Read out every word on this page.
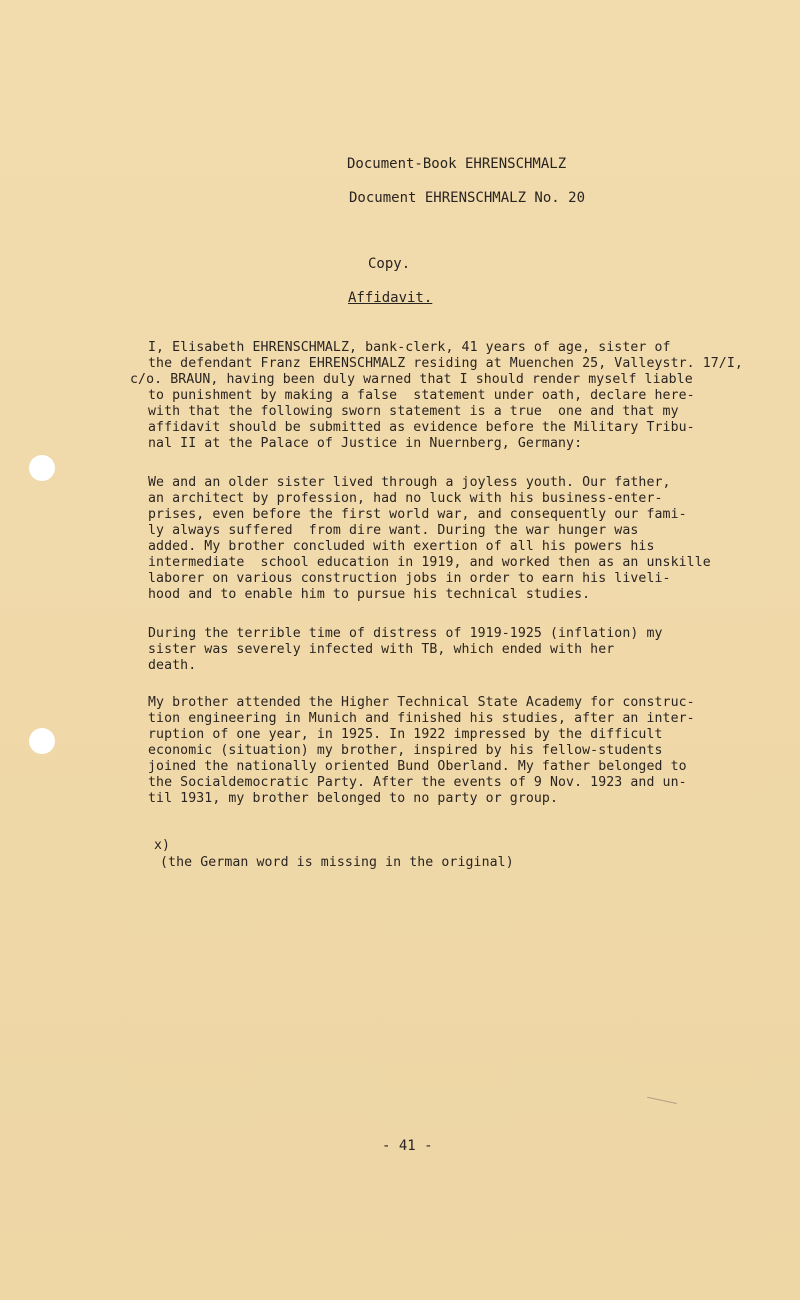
Document-Book EHRENSCHMALZ
Document EHRENSCHMALZ No. 20
Copy.
Affidavit.
I, Elisabeth EHRENSCHMALZ, bank-clerk, 41 years of age, sister of
the defendant Franz EHRENSCHMALZ residing at Muenchen 25, Valleystr. 17/I,
c/o. BRAUN, having been duly warned that I should render myself liable
to punishment by making a false  statement under oath, declare here-
with that the following sworn statement is a true  one and that my
affidavit should be submitted as evidence before the Military Tribu-
nal II at the Palace of Justice in Nuernberg, Germany:
We and an older sister lived through a joyless youth. Our father,
an architect by profession, had no luck with his business-enter-
prises, even before the first world war, and consequently our fami-
ly always suffered  from dire want. During the war hunger was
added. My brother concluded with exertion of all his powers his
intermediate  school education in 1919, and worked then as an unskille
laborer on various construction jobs in order to earn his liveli-
hood and to enable him to pursue his technical studies.
During the terrible time of distress of 1919-1925 (inflation) my
sister was severely infected with TB, which ended with her
death.
My brother attended the Higher Technical State Academy for construc-
tion engineering in Munich and finished his studies, after an inter-
ruption of one year, in 1925. In 1922 impressed by the difficult
economic (situation) my brother, inspired by his fellow-students
joined the nationally oriented Bund Oberland. My father belonged to
the Socialdemocratic Party. After the events of 9 Nov. 1923 and un-
til 1931, my brother belonged to no party or group.
x)
(the German word is missing in the original)
- 41 -
